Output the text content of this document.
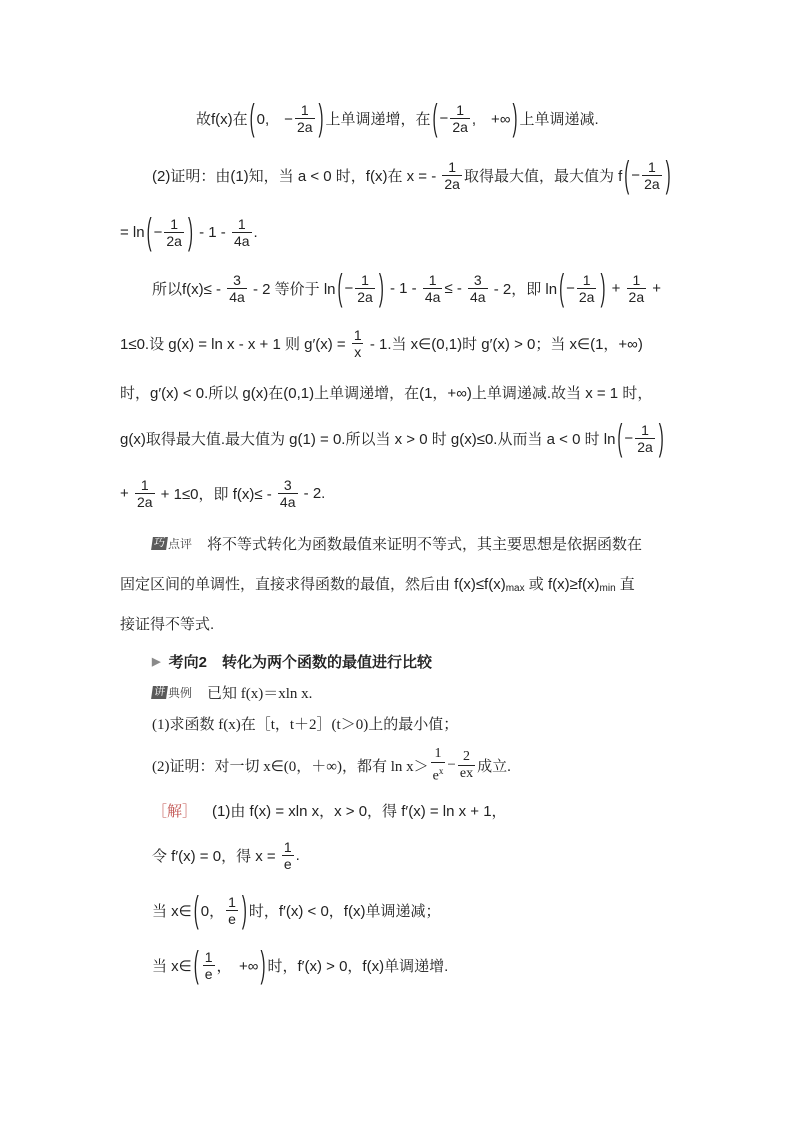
故f(x)在 ( 0,　− $\frac{1}{2a}$ ) 上单调递增，在 ( − $\frac{1}{2a}$ ,　+∞ ) 上单调递减.
(2)证明：由(1)知，当 a < 0 时，f(x)在 x = - $\frac{1}{2a}$ 取得最大值，最大值为 f ( − $\frac{1}{2a}$ )
= ln ( − $\frac{1}{2a}$ ) - $1 - \frac{1}{4a}$ .
所以$f(x)\le - \frac{3}{4a} - 2$ 等价于 ln ( − $\frac{1}{2a}$ ) - $1 - \frac{1}{4a}$ ≤ - $\frac{3}{4a} - 2$，即 ln ( − $\frac{1}{2a}$ ) + $\frac{1}{2a}$ +
1≤0.设 g(x) = ln x - x + 1 则 $g'(x) = \frac{1}{x} - 1$.当 x∈(0,1)时 g′(x) > 0；当 x∈(1，+∞)
时，g′(x) < 0.所以 g(x)在(0,1)上单调递增，在(1，+∞)上单调递减.故当 x = 1 时，
g(x)取得最大值.最大值为 g(1) = 0.所以当 x > 0 时 g(x)≤0.从而当 a < 0 时 ln ( − $\frac{1}{2a}$ )
+ $\frac{1}{2a} + 1\le 0$，即 $f(x)\le - \frac{3}{4a} - 2$.
巧 点评 　将不等式转化为函数最值来证明不等式，其主要思想是依据函数在
固定区间的单调性，直接求得函数的最值，然后由 f(x)≤f(x) max 或 f(x)≥f(x) min 直
接证得不等式.
▶ 考向2　转化为两个函数的最值进行比较
讲 典例 　已知 f(x)＝xln x.
(1)求函数 f(x)在［t，t＋2］(t＞0)上的最小值；
(2)证明：对一切 x∈(0，＋∞)，都有 $\ln x> \frac{1}{e^x} - \frac{2}{ex}$ 成立.
［解］ 　(1)由 f(x) = xln x，x > 0，得 f′(x) = ln x + 1，
令 f′(x) = 0，得 $x = \frac{1}{e}$ .
当 x∈ ( 0， $\frac{1}{e}$ ) 时，f′(x) < 0，f(x)单调递减；
当 x∈ ( $\frac{1}{e}$ ，　+∞ ) 时，f′(x) > 0，f(x)单调递增.
